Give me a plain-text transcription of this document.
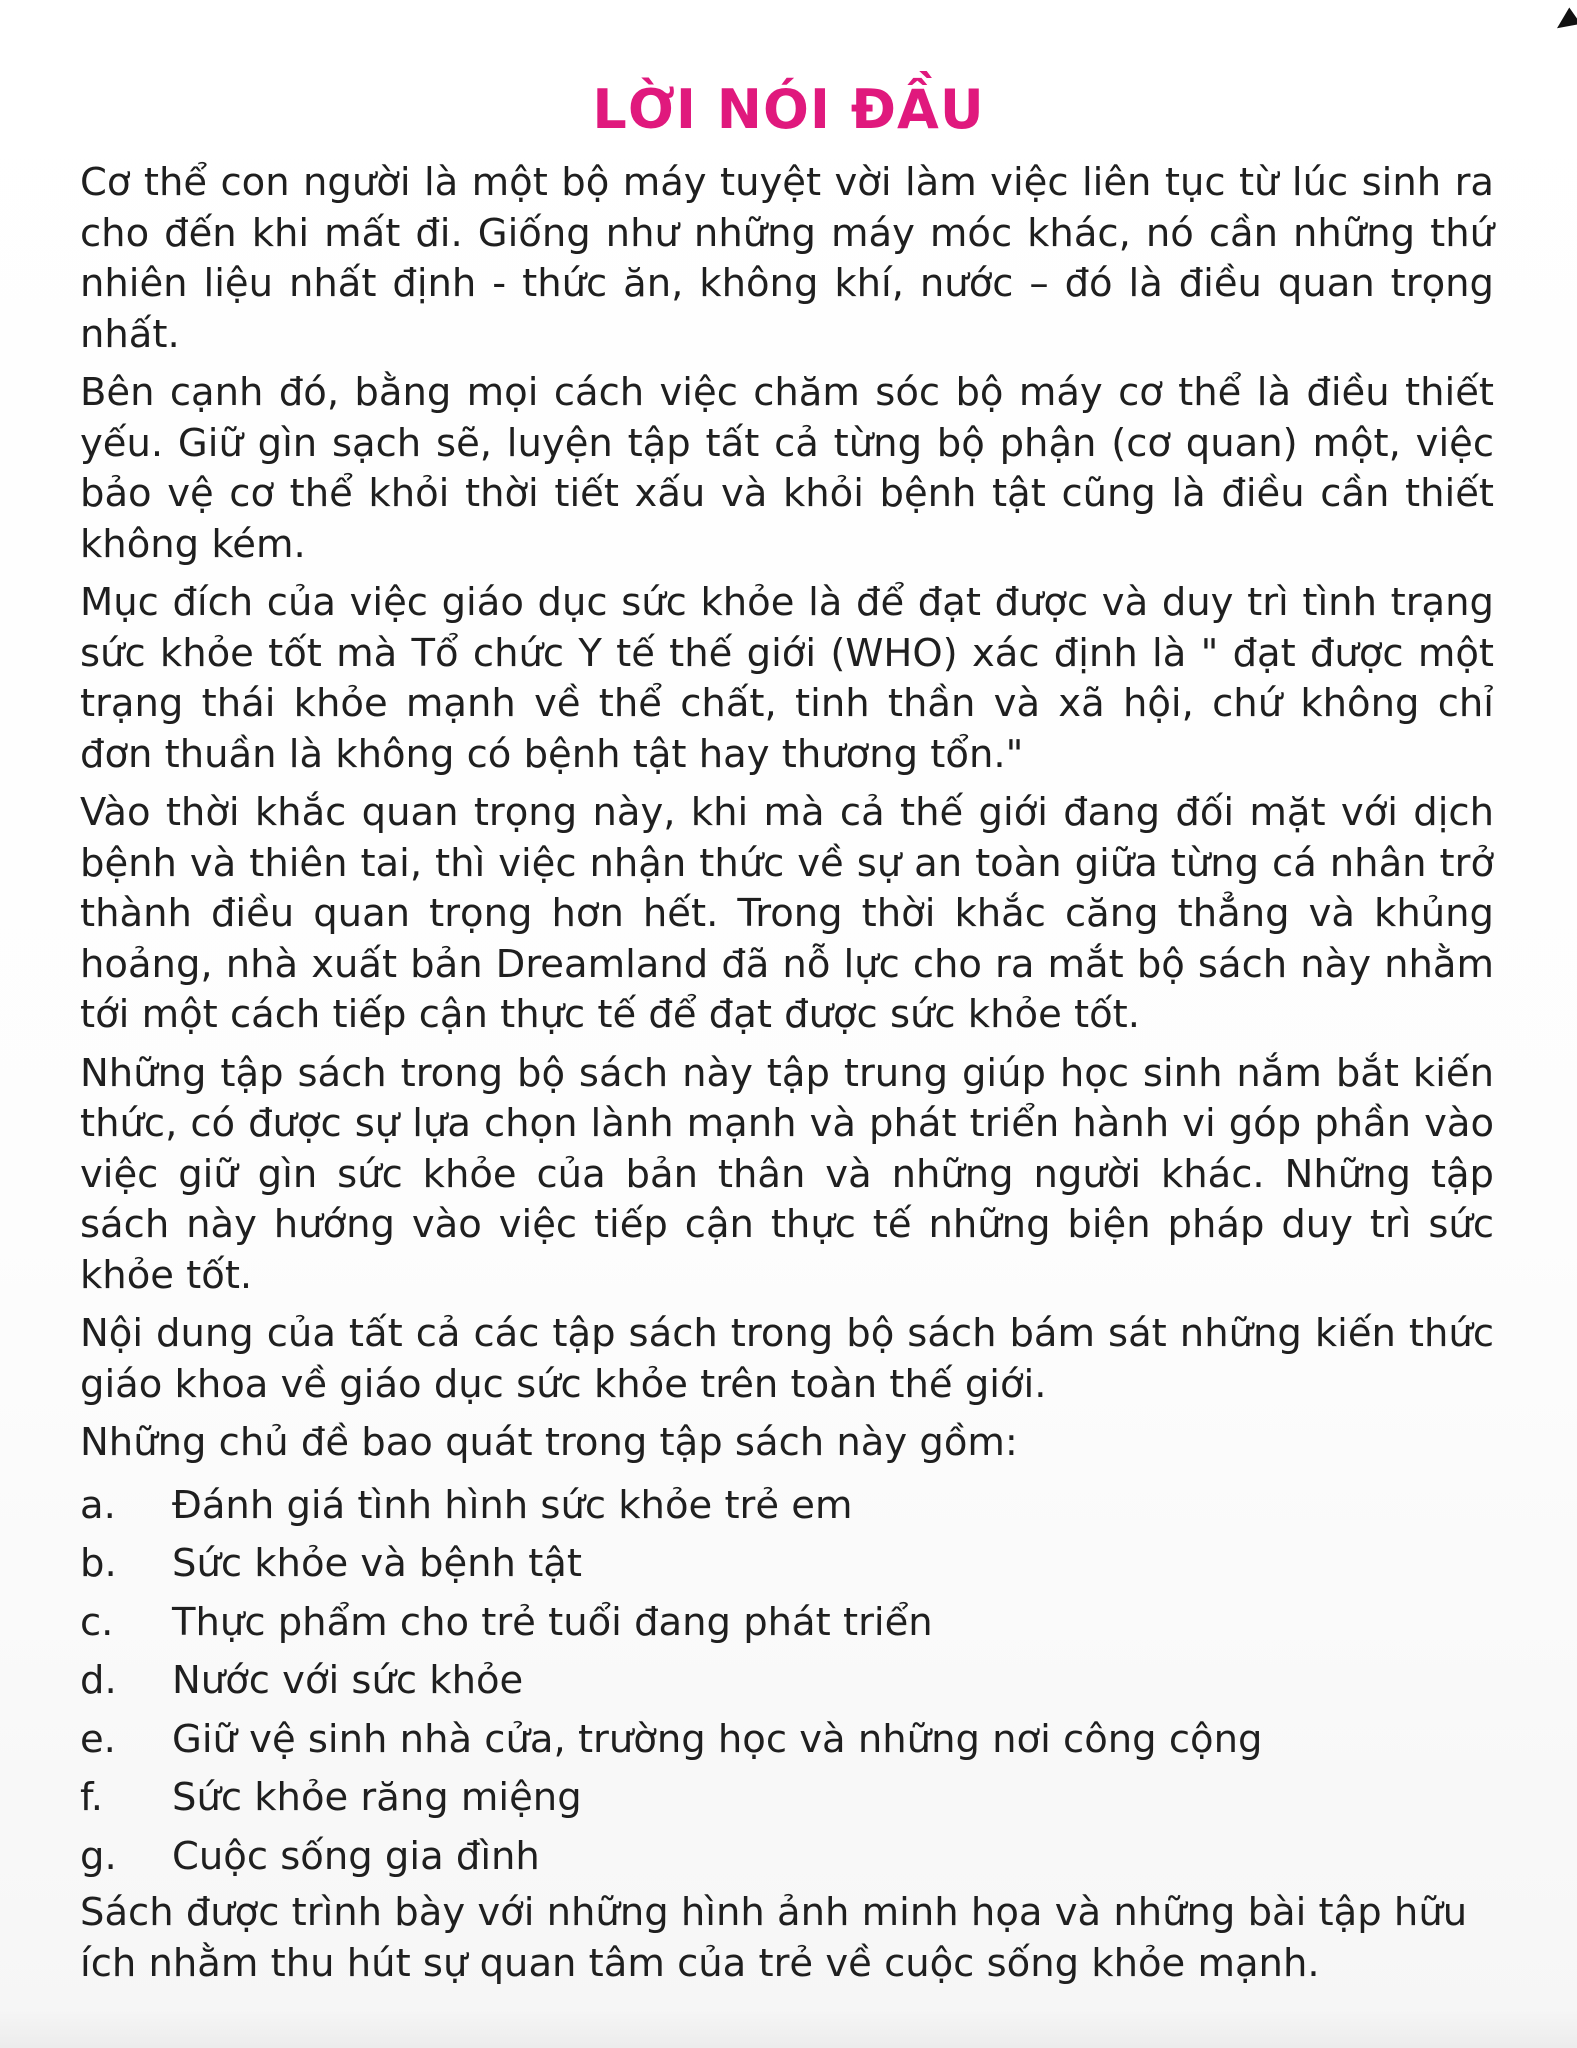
LỜI NÓI ĐẦU

Cơ thể con người là một bộ máy tuyệt vời làm việc liên tục từ lúc sinh ra cho đến khi mất đi. Giống như những máy móc khác, nó cần những thứ nhiên liệu nhất định - thức ăn, không khí, nước – đó là điều quan trọng nhất.

Bên cạnh đó, bằng mọi cách việc chăm sóc bộ máy cơ thể là điều thiết yếu. Giữ gìn sạch sẽ, luyện tập tất cả từng bộ phận (cơ quan) một, việc bảo vệ cơ thể khỏi thời tiết xấu và khỏi bệnh tật cũng là điều cần thiết không kém.

Mục đích của việc giáo dục sức khỏe là để đạt được và duy trì tình trạng sức khỏe tốt mà Tổ chức Y tế thế giới (WHO) xác định là " đạt được một trạng thái khỏe mạnh về thể chất, tinh thần và xã hội, chứ không chỉ đơn thuần là không có bệnh tật hay thương tổn."

Vào thời khắc quan trọng này, khi mà cả thế giới đang đối mặt với dịch bệnh và thiên tai, thì việc nhận thức về sự an toàn giữa từng cá nhân trở thành điều quan trọng hơn hết. Trong thời khắc căng thẳng và khủng hoảng, nhà xuất bản Dreamland đã nỗ lực cho ra mắt bộ sách này nhằm tới một cách tiếp cận thực tế để đạt được sức khỏe tốt.

Những tập sách trong bộ sách này tập trung giúp học sinh nắm bắt kiến thức, có được sự lựa chọn lành mạnh và phát triển hành vi góp phần vào việc giữ gìn sức khỏe của bản thân và những người khác. Những tập sách này hướng vào việc tiếp cận thực tế những biện pháp duy trì sức khỏe tốt.

Nội dung của tất cả các tập sách trong bộ sách bám sát những kiến thức giáo khoa về giáo dục sức khỏe trên toàn thế giới.

Những chủ đề bao quát trong tập sách này gồm:

a.	Đánh giá tình hình sức khỏe trẻ em
b.	Sức khỏe và bệnh tật
c.	Thực phẩm cho trẻ tuổi đang phát triển
d.	Nước với sức khỏe
e.	Giữ vệ sinh nhà cửa, trường học và những nơi công cộng
f.	Sức khỏe răng miệng
g.	Cuộc sống gia đình

Sách được trình bày với những hình ảnh minh họa và những bài tập hữu ích nhằm thu hút sự quan tâm của trẻ về cuộc sống khỏe mạnh.
